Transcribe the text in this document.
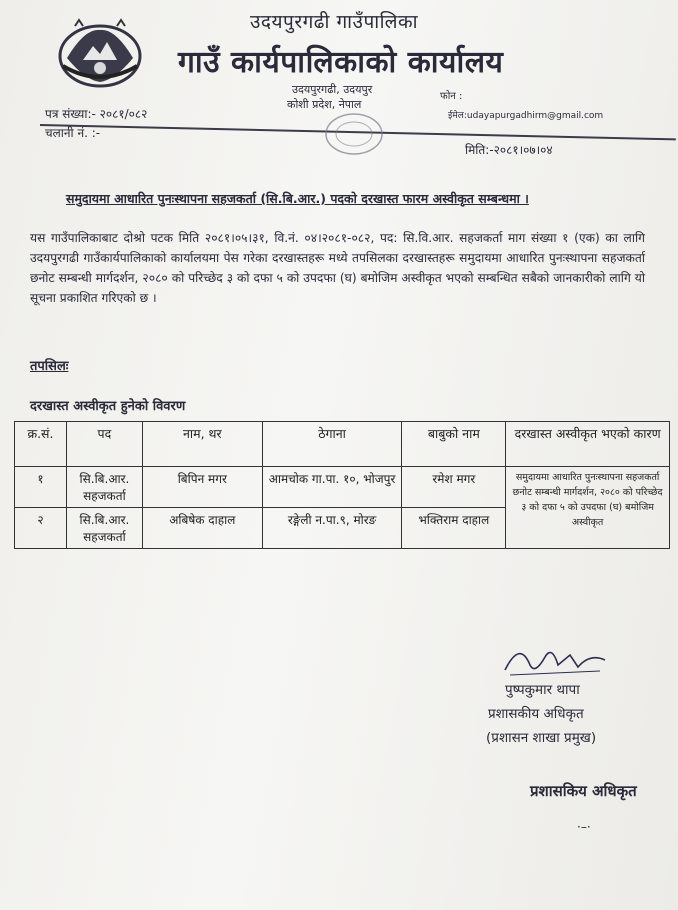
उदयपुरगढी गाउँपालिका
गाउँ कार्यपालिकाको कार्यालय
उदयपुरगढी, उदयपुर
कोशी प्रदेश, नेपाल
फोन :
ईमेल:udayapurgadhirm@gmail.com
पत्र संख्या:- २०८१/०८२
चलानी नं. :-
मिति:-२०८१।०७।०४
समुदायमा आधारित पुनःस्थापना सहजकर्ता (सि.बि.आर.) पदको दरखास्त फारम अस्वीकृत सम्बन्धमा ।
यस गाउँपालिकाबाट दोश्रो पटक मिति २०८१।०५।३१, वि.नं. ०४।२०८१-०८२, पद: सि.वि.आर. सहजकर्ता माग संख्या १ (एक) का लागि उदयपुरगढी गाउँकार्यपालिकाको कार्यालयमा पेस गरेका दरखास्तहरू मध्ये तपसिलका दरखास्तहरू समुदायमा आधारित पुनःस्थापना सहजकर्ता छनोट सम्बन्धी मार्गदर्शन, २०८० को परिच्छेद ३ को दफा ५ को उपदफा (घ) बमोजिम अस्वीकृत भएको सम्बन्धित सबैको जानकारीको लागि यो सूचना प्रकाशित गरिएको छ ।
तपसिलः
दरखास्त अस्वीकृत हुनेको विवरण
क्र.सं.	पद	नाम, थर	ठेगाना	बाबुको नाम	दरखास्त अस्वीकृत भएको कारण
१	सि.बि.आर. सहजकर्ता	बिपिन मगर	आमचोक गा.पा. १०, भोजपुर	रमेश मगर	समुदायमा आधारित पुनःस्थापना सहजकर्ता छनोट सम्बन्धी मार्गदर्शन, २०८० को परिच्छेद ३ को दफा ५ को उपदफा (घ) बमोजिम अस्वीकृत
२	सि.बि.आर. सहजकर्ता	अबिषेक दाहाल	रङ्गेली न.पा.९, मोरङ	भक्तिराम दाहाल	
पुष्पकुमार थापा
प्रशासकीय अधिकृत
(प्रशासन शाखा प्रमुख)
प्रशासकिय अधिकृत
·–·
